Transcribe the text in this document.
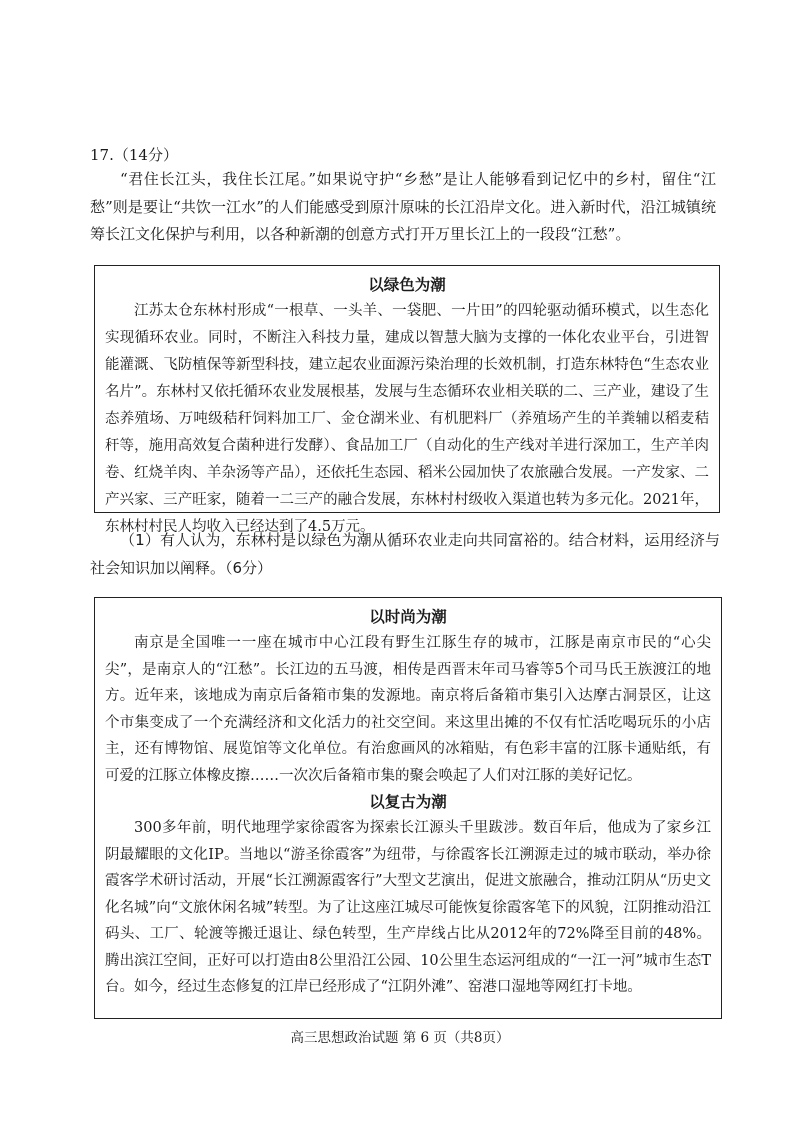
17.（14分）
“君住长江头，我住长江尾。”如果说守护“乡愁”是让人能够看到记忆中的乡村，留住“江愁”则是要让“共饮一江水”的人们能感受到原汁原味的长江沿岸文化。进入新时代，沿江城镇统筹长江文化保护与利用，以各种新潮的创意方式打开万里长江上的一段段“江愁”。
以绿色为潮

江苏太仓东林村形成“一根草、一头羊、一袋肥、一片田”的四轮驱动循环模式，以生态化实现循环农业。同时，不断注入科技力量，建成以智慧大脑为支撑的一体化农业平台，引进智能灌溉、飞防植保等新型科技，建立起农业面源污染治理的长效机制，打造东林特色“生态农业名片”。东林村又依托循环农业发展根基，发展与生态循环农业相关联的二、三产业，建设了生态养殖场、万吨级秸秆饲料加工厂、金仓湖米业、有机肥料厂（养殖场产生的羊粪辅以稻麦秸秆等，施用高效复合菌种进行发酵）、食品加工厂（自动化的生产线对羊进行深加工，生产羊肉卷、红烧羊肉、羊杂汤等产品），还依托生态园、稻米公园加快了农旅融合发展。一产发家、二产兴家、三产旺家，随着一二三产的融合发展，东林村村级收入渠道也转为多元化。2021年，东林村村民人均收入已经达到了4.5万元。

（1）有人认为，东林村是以绿色为潮从循环农业走向共同富裕的。结合材料，运用经济与社会知识加以阐释。（6分）
以时尚为潮

南京是全国唯一一座在城市中心江段有野生江豚生存的城市，江豚是南京市民的“心尖尖”，是南京人的“江愁”。长江边的五马渡，相传是西晋末年司马睿等5个司马氏王族渡江的地方。近年来，该地成为南京后备箱市集的发源地。南京将后备箱市集引入达摩古洞景区，让这个市集变成了一个充满经济和文化活力的社交空间。来这里出摊的不仅有忙活吃喝玩乐的小店主，还有博物馆、展览馆等文化单位。有治愈画风的冰箱贴，有色彩丰富的江豚卡通贴纸，有可爱的江豚立体橡皮擦……一次次后备箱市集的聚会唤起了人们对江豚的美好记忆。

以复古为潮

300多年前，明代地理学家徐霞客为探索长江源头千里跋涉。数百年后，他成为了家乡江阴最耀眼的文化IP。当地以“游圣徐霞客”为纽带，与徐霞客长江溯源走过的城市联动，举办徐霞客学术研讨活动，开展“长江溯源霞客行”大型文艺演出，促进文旅融合，推动江阴从“历史文化名城”向“文旅休闲名城”转型。为了让这座江城尽可能恢复徐霞客笔下的风貌，江阴推动沿江码头、工厂、轮渡等搬迁退让、绿色转型，生产岸线占比从2012年的72%降至目前的48%。腾出滨江空间，正好可以打造由8公里沿江公园、10公里生态运河组成的“一江一河”城市生态T台。如今，经过生态修复的江岸已经形成了“江阴外滩”、窑港口湿地等网红打卡地。

高三思想政治试题 第 6 页（共8页）
